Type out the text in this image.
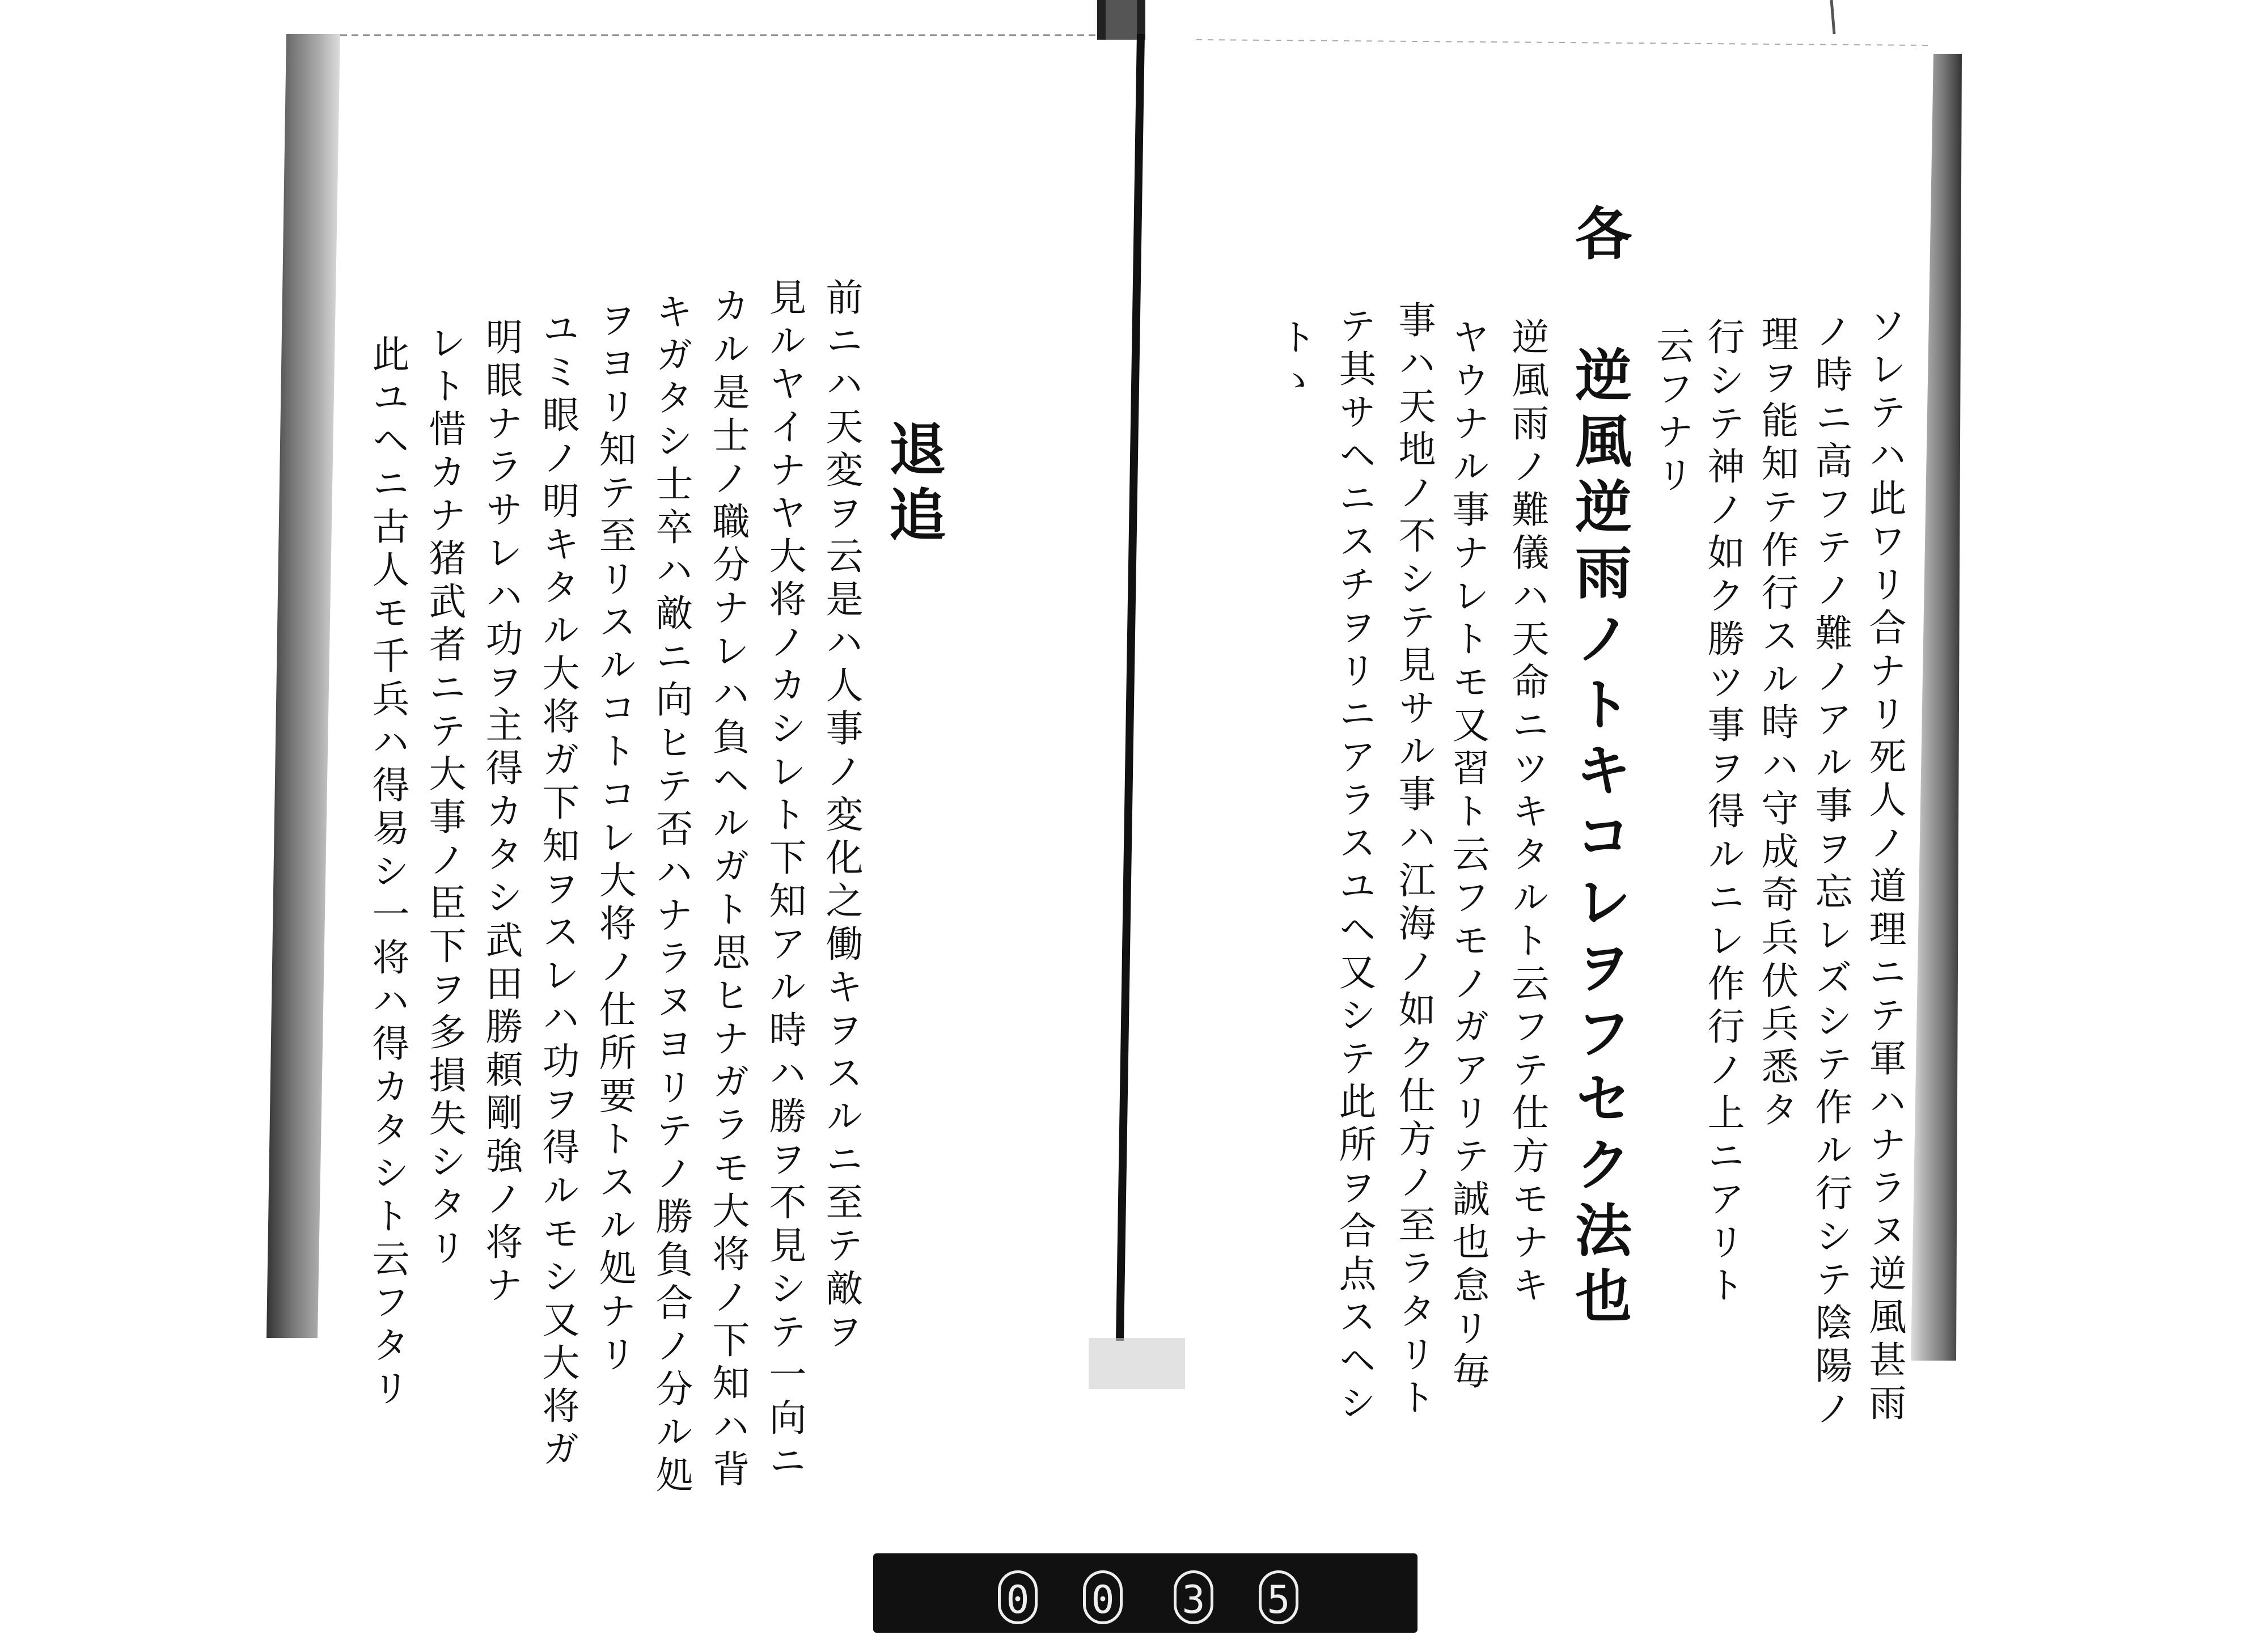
ソレテハ此ワリ合ナリ死人ノ道理ニテ軍ハナラヌ逆風甚雨
ノ時ニ高フテノ難ノアル事ヲ忘レズシテ作ル行シテ陰陽ノ
理ヲ能知テ作行スル時ハ守成奇兵伏兵悉タ
行シテ神ノ如ク勝ツ事ヲ得ルニレ作行ノ上ニアリト
云フナリ
各 逆風逆雨ノトキコレヲフセク法也
逆風雨ノ難儀ハ天命ニツキタルト云フテ仕方モナキ
ヤウナル事ナレトモ又習ト云フモノガアリテ誠也怠リ毎
事ハ天地ノ不シテ見サル事ハ江海ノ如ク仕方ノ至ラタリト
テ其サヘニスチヲリニアラスユヘ又シテ此所ヲ合点スヘシ
トゝ
退追
前ニハ天変ヲ云是ハ人事ノ変化之働キヲスルニ至テ敵ヲ
見ルヤイナヤ大将ノカシレト下知アル時ハ勝ヲ不見シテ一向ニ
カル是士ノ職分ナレハ負ヘルガト思ヒナガラモ大将ノ下知ハ背
キガタシ士卒ハ敵ニ向ヒテ否ハナラヌヨリテノ勝負合ノ分ル処
ヲヨリ知テ至リスルコトコレ大将ノ仕所要トスル処ナリ
ユミ眼ノ明キタル大将ガ下知ヲスレハ功ヲ得ルモシ又大将ガ
明眼ナラサレハ功ヲ主得カタシ武田勝頼剛強ノ将ナ
レト惜カナ猪武者ニテ大事ノ臣下ヲ多損失シタリ
此ユヘニ古人モ千兵ハ得易シ一将ハ得カタシト云フタリ
0 0 3 5
